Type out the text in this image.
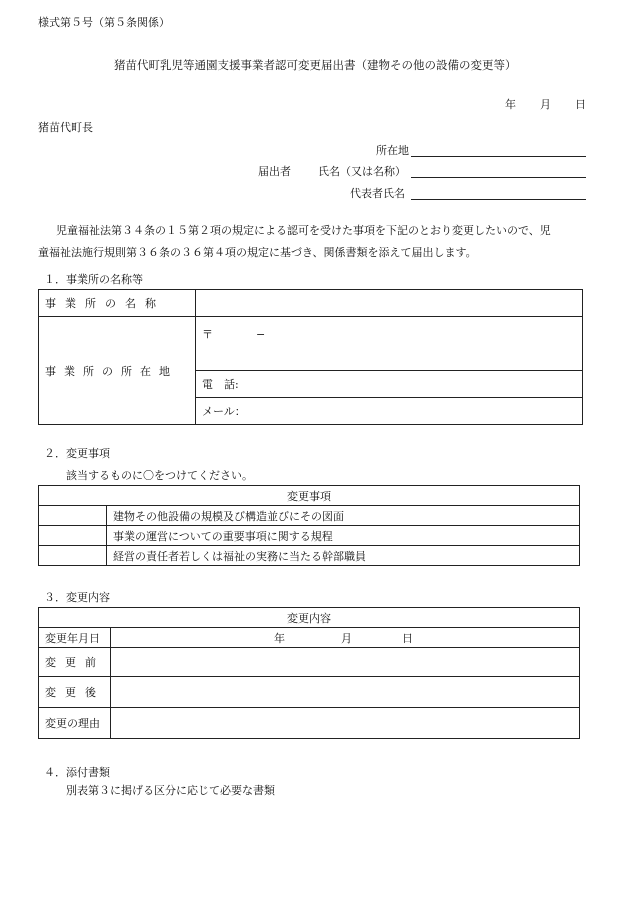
様式第５号（第５条関係）
猪苗代町乳児等通園支援事業者認可変更届出書（建物その他の設備の変更等）
年 月 日
猪苗代町長
所在地
届出者 氏名（又は名称）
代表者氏名
児童福祉法第３４条の１５第２項の規定による認可を受けた事項を下記のとおり変更したいので、児
童福祉法施行規則第３６条の３６第４項の規定に基づき、関係書類を添えて届出します。
１．事業所の名称等
事業所の名称	
事業所の所在地	〒 −
	電　話:
	メール：
２．変更事項
該当するものに〇をつけてください。
変更事項	
	建物その他設備の規模及び構造並びにその図面
	事業の運営についての重要事項に関する規程
	経営の責任者若しくは福祉の実務に当たる幹部職員
３．変更内容
変更内容	
変更年月日	年 月 日
変更前	
変更後	
変更の理由	
４．添付書類
別表第３に掲げる区分に応じて必要な書類
